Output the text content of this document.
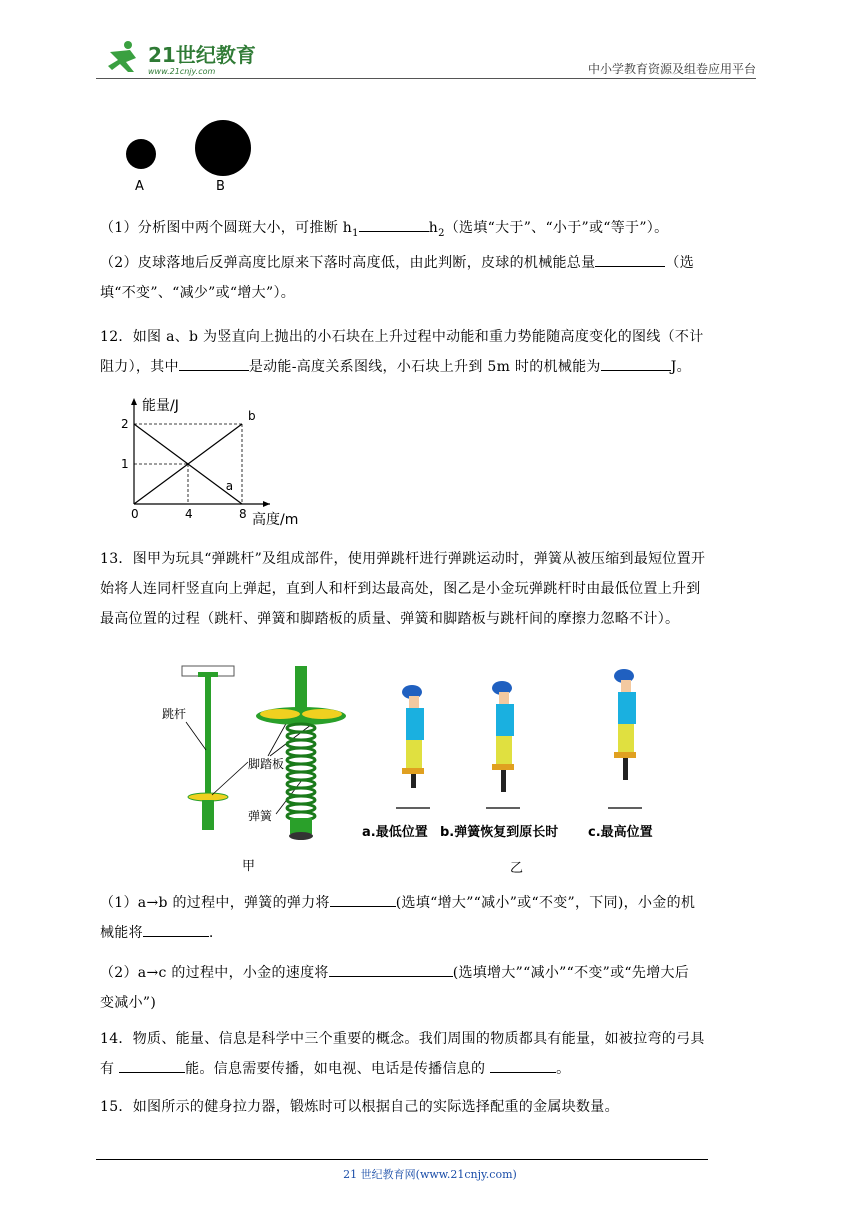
21世纪教育
www.21cnjy.com	中小学教育资源及组卷应用平台
A	B
（1）分析图中两个圆斑大小，可推断 $h_1$	$h_2$（选填“大于”、“小于”或“等于”）。
（2）皮球落地后反弹高度比原来下落时高度低，由此判断，皮球的机械能总量	（选
填“不变”、“减少”或“增大”）。
12．如图 a、b 为竖直向上抛出的小石块在上升过程中动能和重力势能随高度变化的图线（不计
阻力），其中	是动能-高度关系图线，小石块上升到 5m 时的机械能为	J。
a
b
0	4	8
1
2
能量/J
高度/m
13．图甲为玩具“弹跳杆”及组成部件，使用弹跳杆进行弹跳运动时，弹簧从被压缩到最短位置开
始将人连同杆竖直向上弹起，直到人和杆到达最高处，图乙是小金玩弹跳杆时由最低位置上升到
最高位置的过程（跳杆、弹簧和脚踏板的质量、弹簧和脚踏板与跳杆间的摩擦力忽略不计）。
跳杆
脚踏板
弹簧
甲
a.最低位置 b.弹簧恢复到原长时 c.最高位置
乙
（1）a→b 的过程中，弹簧的弹力将	(选填“增大”“减小”或“不变”，下同)，小金的机
械能将	.
（2）a→c 的过程中，小金的速度将	(选填增大”“减小”“不变”或“先增大后
变减小”)
14．物质、能量、信息是科学中三个重要的概念。我们周围的物质都具有能量，如被拉弯的弓具
有	能。信息需要传播，如电视、电话是传播信息的	。
15．如图所示的健身拉力器，锻炼时可以根据自己的实际选择配重的金属块数量。
21 世纪教育网(www.21cnjy.com)
